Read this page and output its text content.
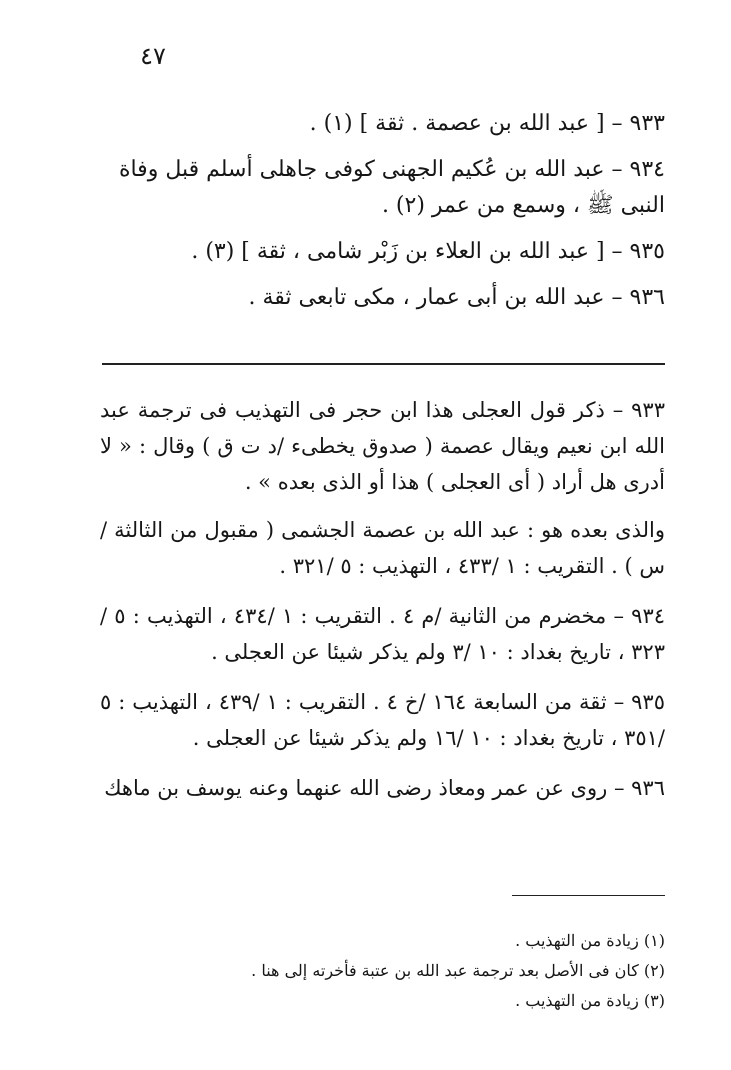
٤٧

٩٣٣ – [ عبد الله بن عصمة . ثقة ] (١) .

٩٣٤ – عبد الله بن عُكيم الجهنى كوفى جاهلى أسلم قبل وفاة النبى ﷺ ، وسمع من عمر (٢) .

٩٣٥ – [ عبد الله بن العلاء بن زَبْر شامى ، ثقة ] (٣) .

٩٣٦ – عبد الله بن أبى عمار ، مكى تابعى ثقة .

٩٣٣ – ذكر قول العجلى هذا ابن حجر فى التهذيب فى ترجمة عبد الله ابن نعيم ويقال عصمة ( صدوق يخطىء /د ت ق ) وقال : « لا أدرى هل أراد ( أى العجلى ) هذا أو الذى بعده » .

والذى بعده هو : عبد الله بن عصمة الجشمى ( مقبول من الثالثة /س ) . التقريب : ١ /٤٣٣ ، التهذيب : ٥ /٣٢١ .

٩٣٤ – مخضرم من الثانية /م ٤ . التقريب : ١ /٤٣٤ ، التهذيب : ٥ /٣٢٣ ، تاريخ بغداد : ١٠ /٣ ولم يذكر شيئا عن العجلى .

٩٣٥ – ثقة من السابعة ١٦٤ /خ ٤ . التقريب : ١ /٤٣٩ ، التهذيب : ٥ /٣٥١ ، تاريخ بغداد : ١٠ /١٦ ولم يذكر شيئا عن العجلى .

٩٣٦ – روى عن عمر ومعاذ رضى الله عنهما وعنه يوسف بن ماهك

(١) زيادة من التهذيب .

(٢) كان فى الأصل بعد ترجمة عبد الله بن عتبة فأخرته إلى هنا .

(٣) زيادة من التهذيب .
